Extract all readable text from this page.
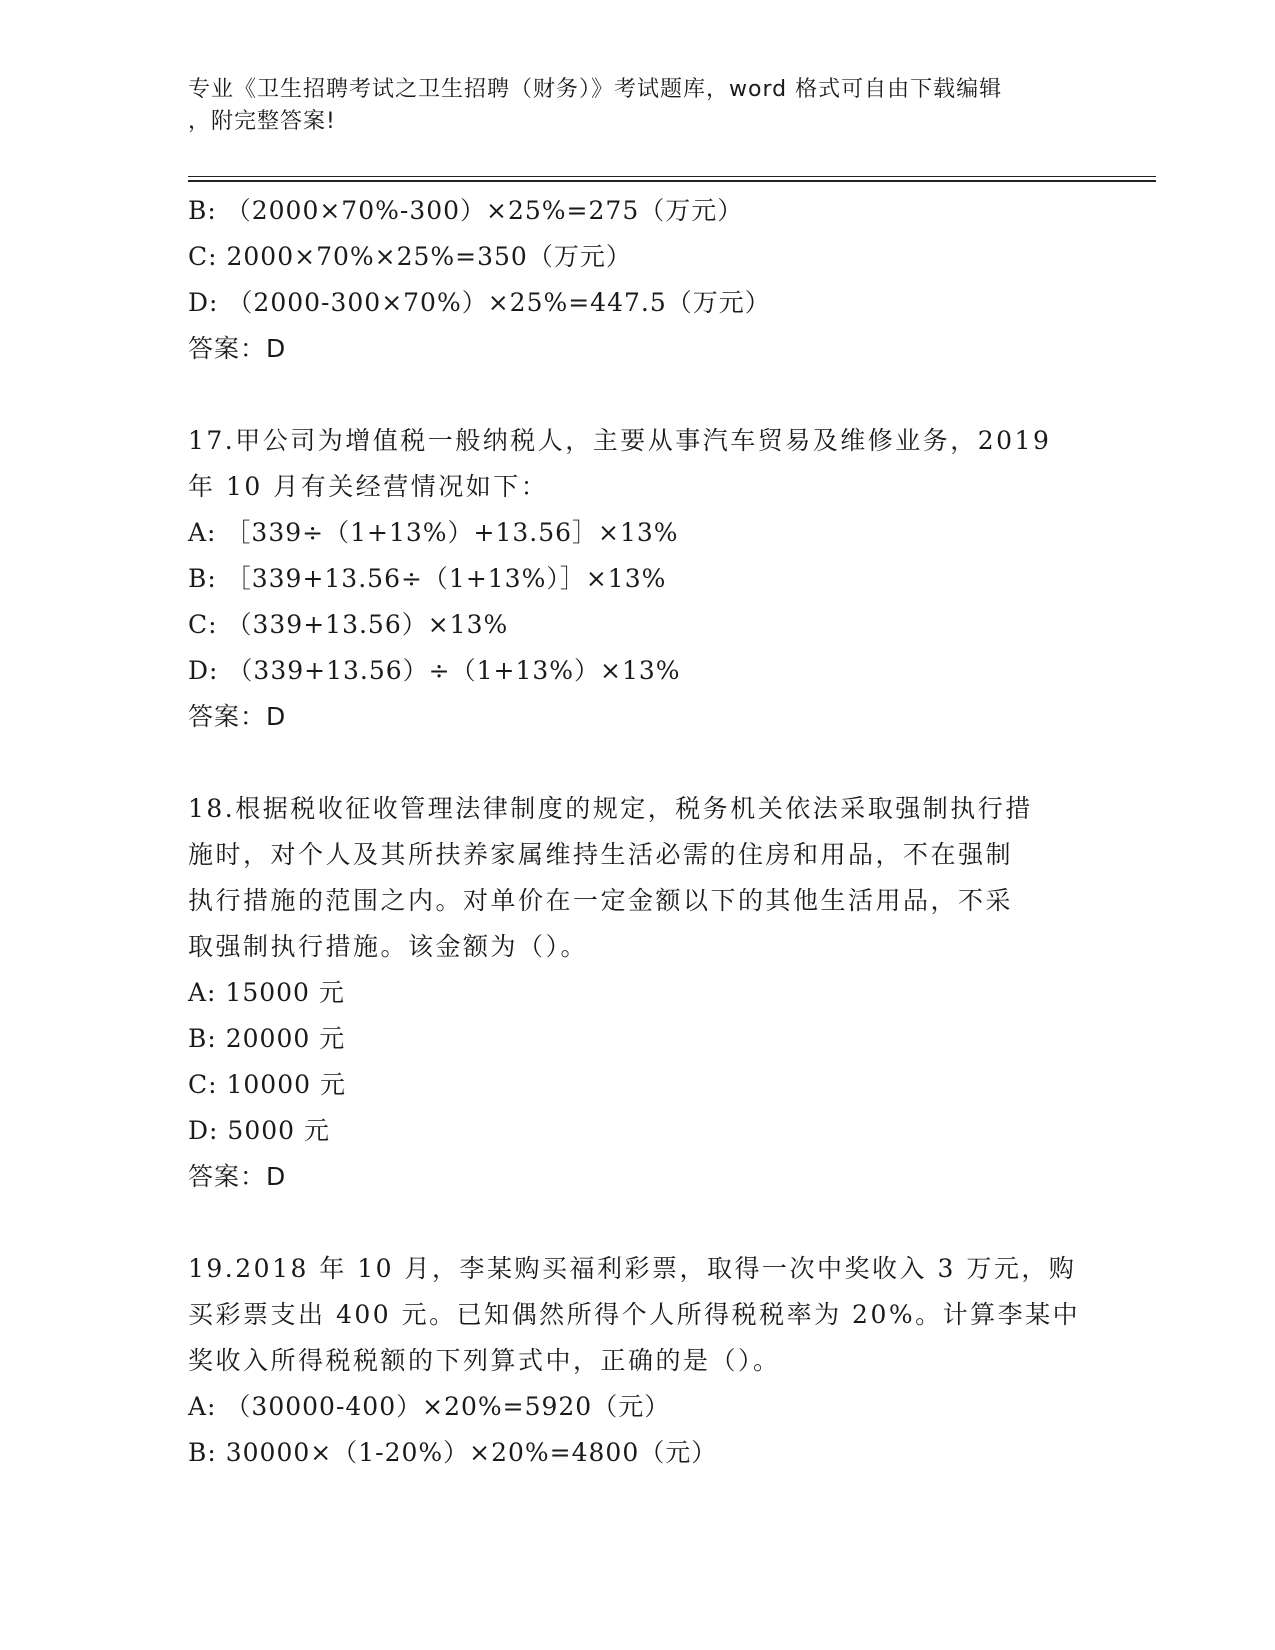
专业《卫生招聘考试之卫生招聘（财务）》考试题库，word 格式可自由下载编辑
，附完整答案!
B: （2000×70%-300）×25%=275（万元）
C: 2000×70%×25%=350（万元）
D: （2000-300×70%）×25%=447.5（万元）
答案：D
17.甲公司为增值税一般纳税人，主要从事汽车贸易及维修业务，2019
年 10 月有关经营情况如下：
A: ［339÷（1+13%）+13.56］×13%
B: ［339+13.56÷（1+13%）］×13%
C: （339+13.56）×13%
D: （339+13.56）÷（1+13%）×13%
答案：D
18.根据税收征收管理法律制度的规定，税务机关依法采取强制执行措
施时，对个人及其所扶养家属维持生活必需的住房和用品，不在强制
执行措施的范围之内。对单价在一定金额以下的其他生活用品，不采
取强制执行措施。该金额为（）。
A: 15000 元
B: 20000 元
C: 10000 元
D: 5000 元
答案：D
19.2018 年 10 月，李某购买福利彩票，取得一次中奖收入 3 万元，购
买彩票支出 400 元。已知偶然所得个人所得税税率为 20%。计算李某中
奖收入所得税税额的下列算式中，正确的是（）。
A: （30000-400）×20%=5920（元）
B: 30000×（1-20%）×20%=4800（元）
